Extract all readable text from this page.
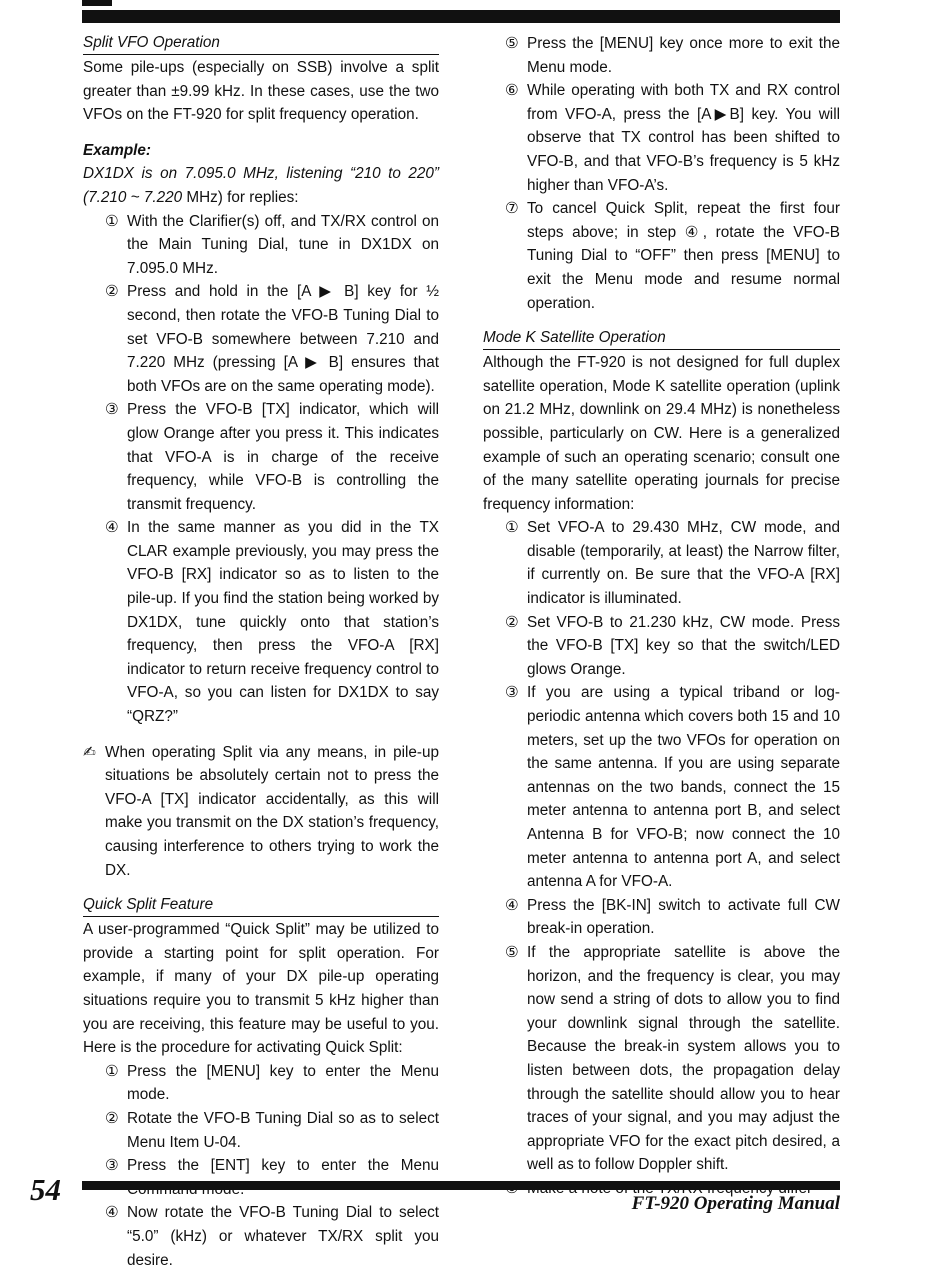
Split VFO Operation

Some pile-ups (especially on SSB) involve a split greater than ±9.99 kHz. In these cases, use the two VFOs on the FT-920 for split frequency operation.

Example:

DX1DX is on 7.095.0 MHz, listening “210 to 220” (7.210 ~ 7.220 MHz) for replies:

① With the Clarifier(s) off, and TX/RX control on the Main Tuning Dial, tune in DX1DX on 7.095.0 MHz.
② Press and hold in the [A ▶ B] key for ½ second, then rotate the VFO-B Tuning Dial to set VFO-B somewhere between 7.210 and 7.220 MHz (pressing [A ▶ B] ensures that both VFOs are on the same operating mode).
③ Press the VFO-B [TX] indicator, which will glow Orange after you press it. This indicates that VFO-A is in charge of the receive frequency, while VFO-B is controlling the transmit frequency.
④ In the same manner as you did in the TX CLAR example previously, you may press the VFO-B [RX] indicator so as to listen to the pile-up. If you find the station being worked by DX1DX, tune quickly onto that station’s frequency, then press the VFO-A [RX] indicator to return receive frequency control to VFO-A, so you can listen for DX1DX to say “QRZ?”
✍ When operating Split via any means, in pile-up situations be absolutely certain not to press the VFO-A [TX] indicator accidentally, as this will make you transmit on the DX station’s frequency, causing interference to others trying to work the DX.
Quick Split Feature

A user-programmed “Quick Split” may be utilized to provide a starting point for split operation. For example, if many of your DX pile-up operating situations require you to transmit 5 kHz higher than you are receiving, this feature may be useful to you. Here is the procedure for activating Quick Split:

① Press the [MENU] key to enter the Menu mode.
② Rotate the VFO-B Tuning Dial so as to select Menu Item U-04.
③ Press the [ENT] key to enter the Menu
④ Now rotate the VFO-B Tuning Dial to select “5.0” (kHz) or whatever TX/RX split you desire.
⑤ Press the [MENU] key once more to exit the Menu mode.
⑥ While operating with both TX and RX control from VFO-A, press the [A▶B] key. You will observe that TX control has been shifted to VFO-B, and that VFO-B’s frequency is 5 kHz higher than VFO-A’s.
⑦ To cancel Quick Split, repeat the first four steps above; in step ④, rotate the VFO-B Tuning Dial to “OFF” then press [MENU] to exit the Menu mode and resume normal operation.
Mode K Satellite Operation

Although the FT-920 is not designed for full duplex satellite operation, Mode K satellite operation (uplink on 21.2 MHz, downlink on 29.4 MHz) is nonetheless possible, particularly on CW. Here is a generalized example of such an operating scenario; consult one of the many satellite operating journals for precise frequency information:

① Set VFO-A to 29.430 MHz, CW mode, and disable (temporarily, at least) the Narrow filter, if currently on. Be sure that the VFO-A [RX] indicator is illuminated.
② Set VFO-B to 21.230 kHz, CW mode. Press the VFO-B [TX] key so that the switch/LED glows Orange.
③ If you are using a typical triband or log-periodic antenna which covers both 15 and 10 meters, set up the two VFOs for operation on the same antenna. If you are using separate antennas on the two bands, connect the 15 meter antenna to antenna port B, and select Antenna B for VFO-B; now connect the 10 meter antenna to antenna port A, and select antenna A for VFO-A.
④ Press the [BK-IN] switch to activate full CW break-in operation.
⑤ If the appropriate satellite is above the horizon, and the frequency is clear, you may now send a string of dots to allow you to find your downlink signal through the satellite. Because the break-in system allows you to listen between dots, the propagation delay through the satellite should allow you to hear traces of your signal, and you may adjust the appropriate VFO for the exact pitch desired, a well as to follow Doppler shift.
54	FT-920 Operating Manual
